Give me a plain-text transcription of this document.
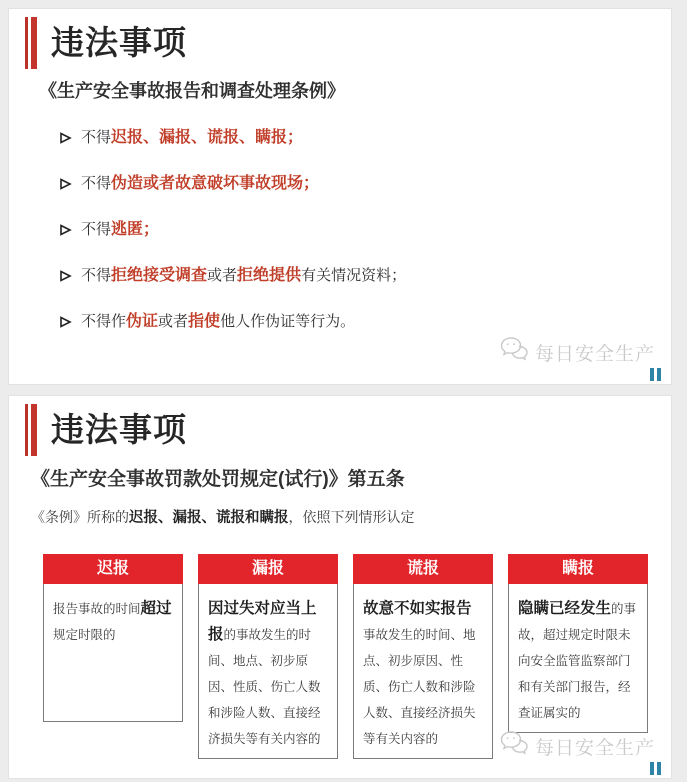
违法事项
《生产安全事故报告和调查处理条例》
不得迟报、漏报、谎报、瞒报；
不得伪造或者故意破坏事故现场；
不得逃匿；
不得拒绝接受调查或者拒绝提供有关情况资料；
不得作伪证或者指使他人作伪证等行为。
每日安全生产
违法事项
《生产安全事故罚款处罚规定(试行)》第五条
《条例》所称的迟报、漏报、谎报和瞒报，依照下列情形认定
迟报
报告事故的时间超过规定时限的
漏报
因过失对应当上报的事故发生的时间、地点、初步原因、性质、伤亡人数和涉险人数、直接经济损失等有关内容的
谎报
故意不如实报告事故发生的时间、地点、初步原因、性质、伤亡人数和涉险人数、直接经济损失等有关内容的
瞒报
隐瞒已经发生的事故，超过规定时限未向安全监管监察部门和有关部门报告，经查证属实的
每日安全生产
